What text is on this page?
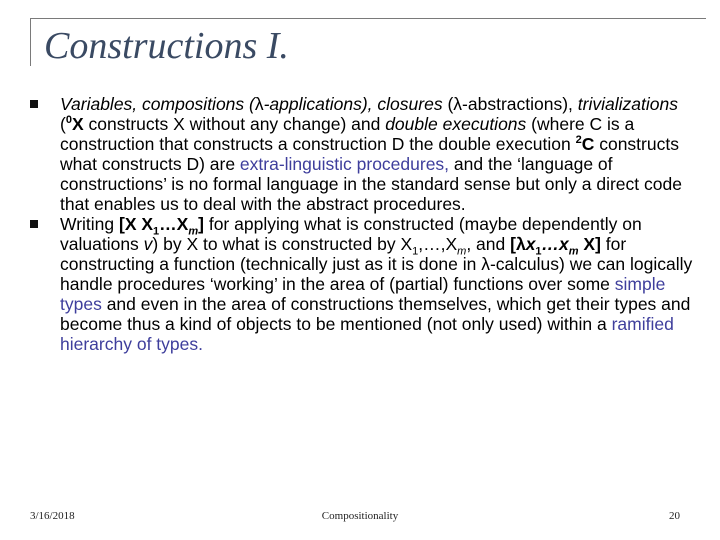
Constructions I.
Variables, compositions (λ-applications), closures (λ-abstractions), trivializations ($^0$X constructs X without any change) and double executions (where C is a construction that constructs a construction D the double execution $^2$C constructs what constructs D) are extra-linguistic procedures, and the ‘language of constructions’ is no formal language in the standard sense but only a direct code that enables us to deal with the abstract procedures.
Writing [X $X_1\dots X_m$] for applying what is constructed (maybe dependently on valuations v) by X to what is constructed by $X_1,\dots,X_m$, and [$\lambda x_1\dots x_m$ X] for constructing a function (technically just as it is done in λ-calculus) we can logically handle procedures ‘working’ in the area of (partial) functions over some simple types and even in the area of constructions themselves, which get their types and become thus a kind of objects to be mentioned (not only used) within a ramified hierarchy of types.
3/16/2018	Compositionality	20
